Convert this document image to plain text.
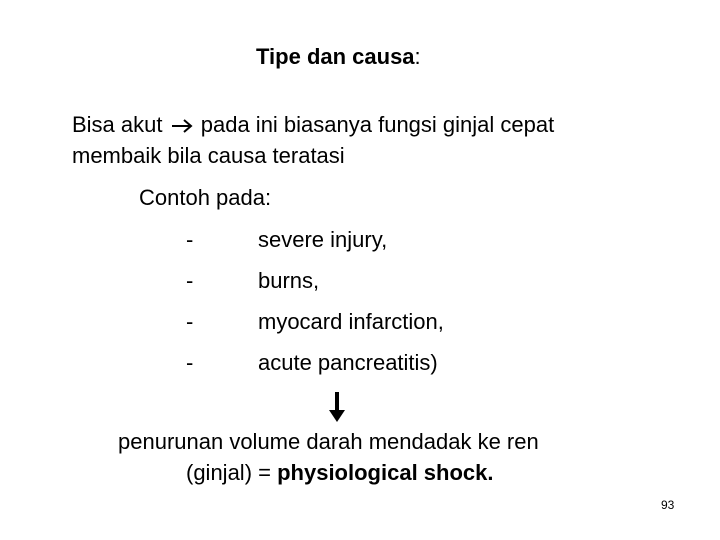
Tipe dan causa:
Bisa akut pada ini biasanya fungsi ginjal cepat
membaik bila causa teratasi
Contoh pada:
-	severe injury,
-	burns,
-	myocard infarction,
-	acute pancreatitis)
penurunan volume darah mendadak ke ren
(ginjal) = physiological shock.
93
